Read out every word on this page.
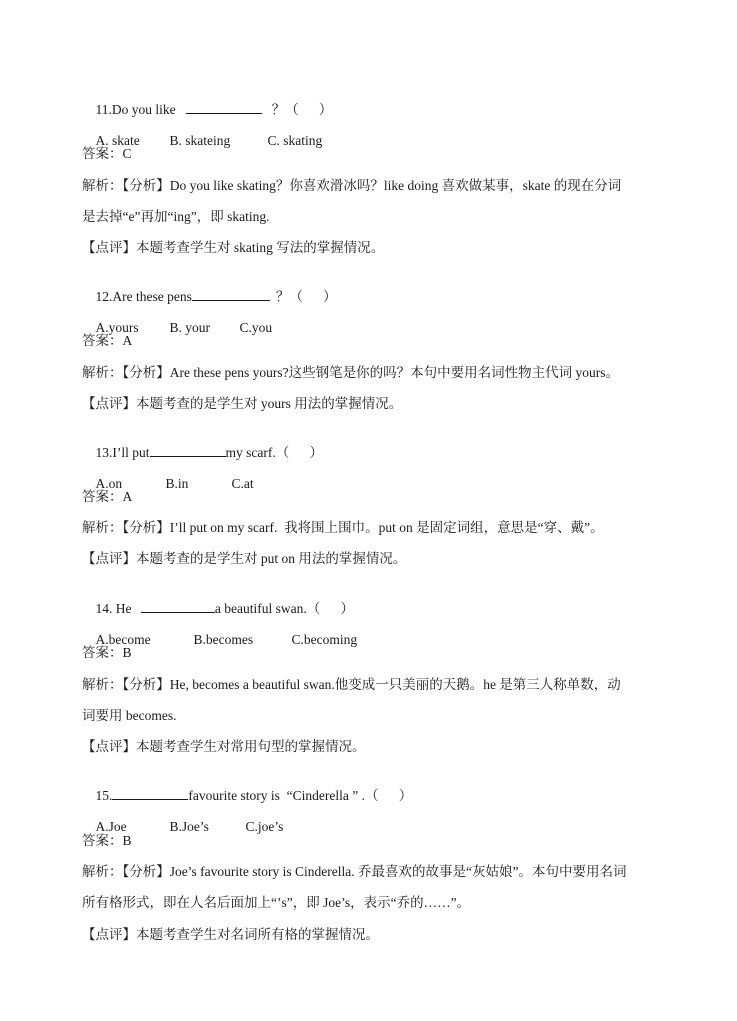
11.Do you like	？（      ）

A. skate B. skateing	C. skating

答案：C
解析：【分析】Do you like skating？你喜欢滑冰吗？like doing 喜欢做某事，skate 的现在分词
是去掉“e”再加“ing”，即 skating.
【点评】本题考查学生对 skating 写法的掌握情况。

12.Are these pens	？（      ）

A.yours B. your C.you

答案：A
解析：【分析】Are these pens yours?这些钢笔是你的吗？本句中要用名词性物主代词 yours。
【点评】本题考查的是学生对 yours 用法的掌握情况。

13.I’ll put	my scarf.（      ）

A.on	B.in	C.at

答案：A
解析：【分析】I’ll put on my scarf.  我将围上围巾。put on 是固定词组，意思是“穿、戴”。
【点评】本题考查的是学生对 put on 用法的掌握情况。

14. He	a beautiful swan.（      ）

A.become	B.becomes	C.becoming

答案：B
解析：【分析】He, becomes a beautiful swan.他变成一只美丽的天鹅。he 是第三人称单数，动
词要用 becomes.
【点评】本题考查学生对常用句型的掌握情况。

15.	favourite story is  “Cinderella ” .（      ）

A.Joe	B.Joe’s	C.joe’s

答案：B
解析：【分析】Joe’s favourite story is Cinderella. 乔最喜欢的故事是“灰姑娘”。本句中要用名词
所有格形式，即在人名后面加上“’s”，即 Joe’s，表示“乔的……”。
【点评】本题考查学生对名词所有格的掌握情况。
